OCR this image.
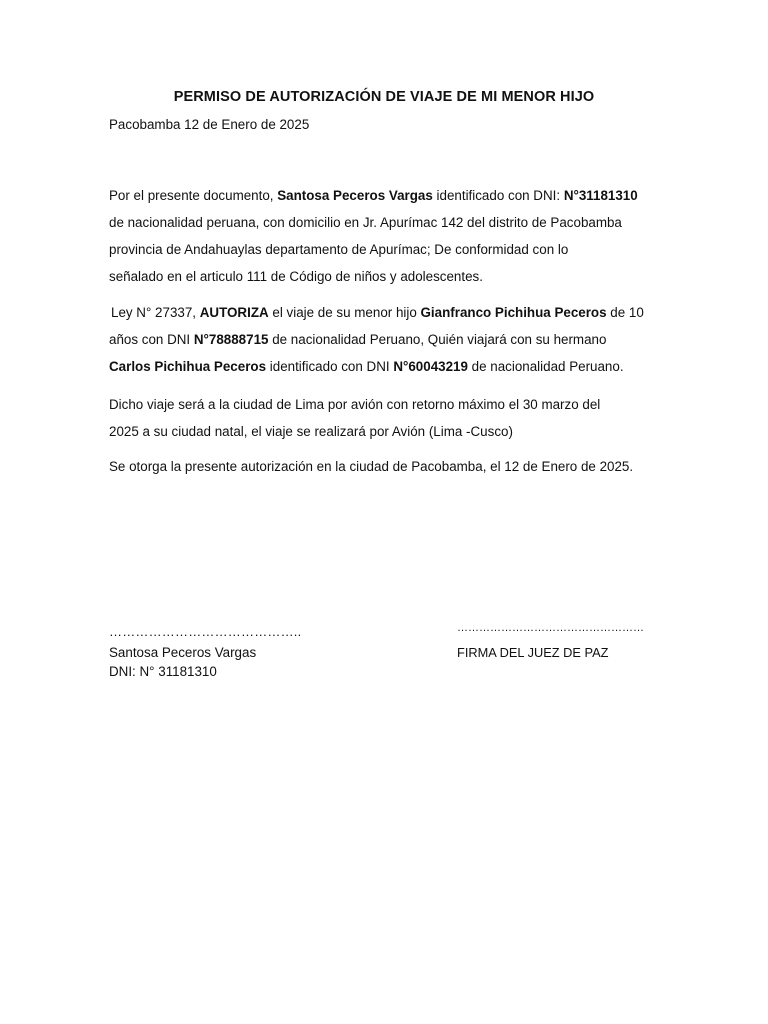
PERMISO DE AUTORIZACIÓN DE VIAJE DE MI MENOR HIJO
Pacobamba 12 de Enero de 2025
Por el presente documento, Santosa Peceros Vargas identificado con DNI: N°31181310
de nacionalidad peruana, con domicilio en Jr. Apurímac 142 del distrito de Pacobamba
provincia de Andahuaylas departamento de Apurímac; De conformidad con lo
señalado en el articulo 111 de Código de niños y adolescentes.
Ley N° 27337, AUTORIZA el viaje de su menor hijo Gianfranco Pichihua Peceros de 10
años con DNI N°78888715 de nacionalidad Peruano, Quién viajará con su hermano
Carlos Pichihua Peceros identificado con DNI N°60043219 de nacionalidad Peruano.
Dicho viaje será a la ciudad de Lima por avión con retorno máximo el 30 marzo del
2025 a su ciudad natal, el viaje se realizará por Avión (Lima -Cusco)
Se otorga la presente autorización en la ciudad de Pacobamba, el 12 de Enero de 2025.
……………………………………..
Santosa Peceros Vargas
DNI: N° 31181310
……………………………………………
FIRMA DEL JUEZ DE PAZ
